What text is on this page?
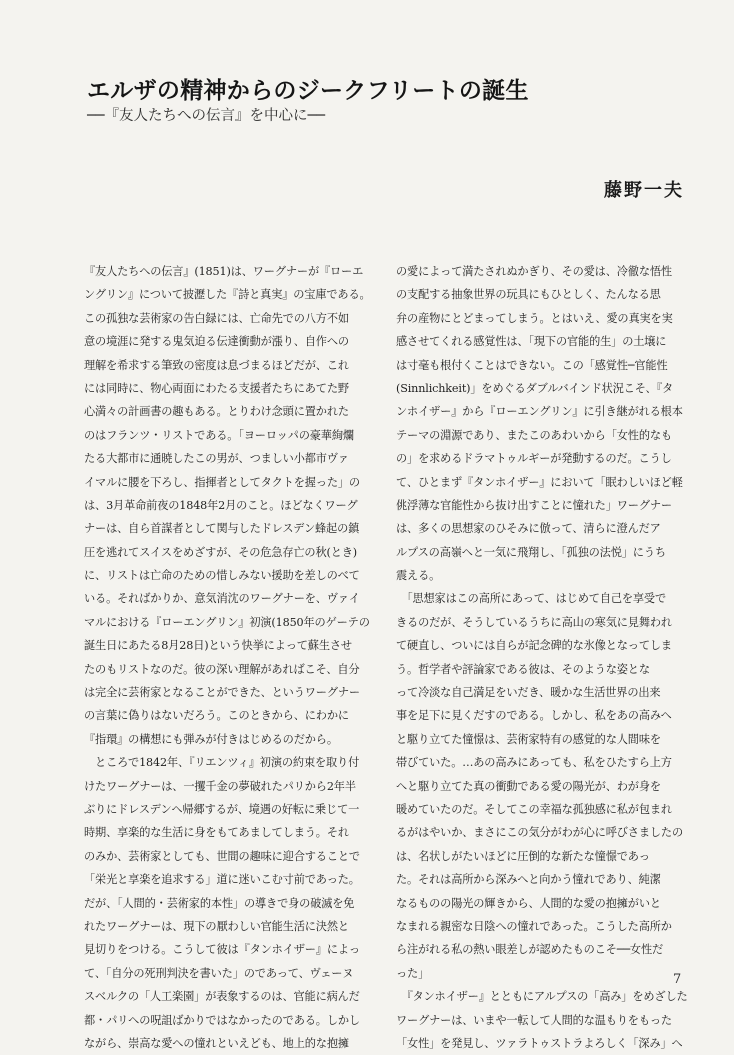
エルザの精神からのジークフリートの誕生
──『友人たちへの伝言』を中心に──
藤野一夫
『友人たちへの伝言』(1851)は、ワーグナーが『ローエ
ングリン』について披瀝した『詩と真実』の宝庫である。
この孤独な芸術家の告白録には、亡命先での八方不如
意の境涯に発する鬼気迫る伝達衝動が漲り、自作への
理解を希求する筆致の密度は息づまるほどだが、これ
には同時に、物心両面にわたる支援者たちにあてた野
心満々の計画書の趣もある。とりわけ念頭に置かれた
のはフランツ・リストである。「ヨーロッパの豪華絢爛
たる大都市に通暁したこの男が、つましい小都市ヴァ
イマルに腰を下ろし、指揮者としてタクトを握った」の
は、3月革命前夜の1848年2月のこと。ほどなくワーグ
ナーは、自ら首謀者として関与したドレスデン蜂起の鎮
圧を逃れてスイスをめざすが、その危急存亡の秋(とき)
に、リストは亡命のための惜しみない援助を差しのべて
いる。そればかりか、意気消沈のワーグナーを、ヴァイ
マルにおける『ローエングリン』初演(1850年のゲーテの
誕生日にあたる8月28日)という快挙によって蘇生させ
たのもリストなのだ。彼の深い理解があればこそ、自分
は完全に芸術家となることができた、というワーグナー
の言葉に偽りはないだろう。このときから、にわかに
『指環』の構想にも弾みが付きはじめるのだから。
　ところで1842年、『リエンツィ』初演の約束を取り付
けたワーグナーは、一攫千金の夢破れたパリから2年半
ぶりにドレスデンへ帰郷するが、境遇の好転に乗じて一
時期、享楽的な生活に身をもてあましてしまう。それ
のみか、芸術家としても、世間の趣味に迎合することで
「栄光と享楽を追求する」道に迷いこむ寸前であった。
だが、「人間的・芸術家的本性」の導きで身の破滅を免
れたワーグナーは、現下の厭わしい官能生活に決然と
見切りをつける。こうして彼は『タンホイザー』によっ
て、「自分の死刑判決を書いた」のであって、ヴェーヌ
スベルクの「人工楽園」が表象するのは、官能に病んだ
都・パリへの呪詛ばかりではなかったのである。しかし
ながら、崇高な愛への憧れといえども、地上的な抱擁
の愛によって満たされぬかぎり、その愛は、冷徹な悟性
の支配する抽象世界の玩具にもひとしく、たんなる思
弁の産物にとどまってしまう。とはいえ、愛の真実を実
感させてくれる感覚性は、「現下の官能的生」の土壌に
は寸毫も根付くことはできない。この「感覚性─官能性
(Sinnlichkeit)」をめぐるダブルバインド状況こそ、『タ
ンホイザー』から『ローエングリン』に引き継がれる根本
テーマの淵源であり、またこのあわいから「女性的なも
の」を求めるドラマトゥルギーが発動するのだ。こうし
て、ひとまず『タンホイザー』において「眠わしいほど軽
佻浮薄な官能性から抜け出すことに憧れた」ワーグナー
は、多くの思想家のひそみに倣って、清らに澄んだア
ルプスの高嶺へと一気に飛翔し、「孤独の法悦」にうち
震える。
　「思想家はこの高所にあって、はじめて自己を享受で
きるのだが、そうしているうちに高山の寒気に見舞われ
て硬直し、ついには自らが記念碑的な氷像となってしま
う。哲学者や評論家である彼は、そのような姿とな
って冷淡な自己満足をいだき、暖かな生活世界の出来
事を足下に見くだすのである。しかし、私をあの高みへ
と駆り立てた憧憬は、芸術家特有の感覚的な人間味を
帯びていた。…あの高みにあっても、私をひたすら上方
へと駆り立てた真の衝動である愛の陽光が、わが身を
暖めていたのだ。そしてこの幸福な孤独感に私が包まれ
るがはやいか、まさにこの気分がわが心に呼びさましたの
は、名状しがたいほどに圧倒的な新たな憧憬であっ
た。それは高所から深みへと向かう憧れであり、純潔
なるものの陽光の輝きから、人間的な愛の抱擁がいと
なまれる親密な日陰への憧れであった。こうした高所か
ら注がれる私の熱い眼差しが認めたものこそ──女性だ
った」
　『タンホイザー』とともにアルプスの「高み」をめざした
ワーグナーは、いまや一転して人間的な温もりをもった
「女性」を発見し、ツァラトゥストラよろしく「深み」へ
7
